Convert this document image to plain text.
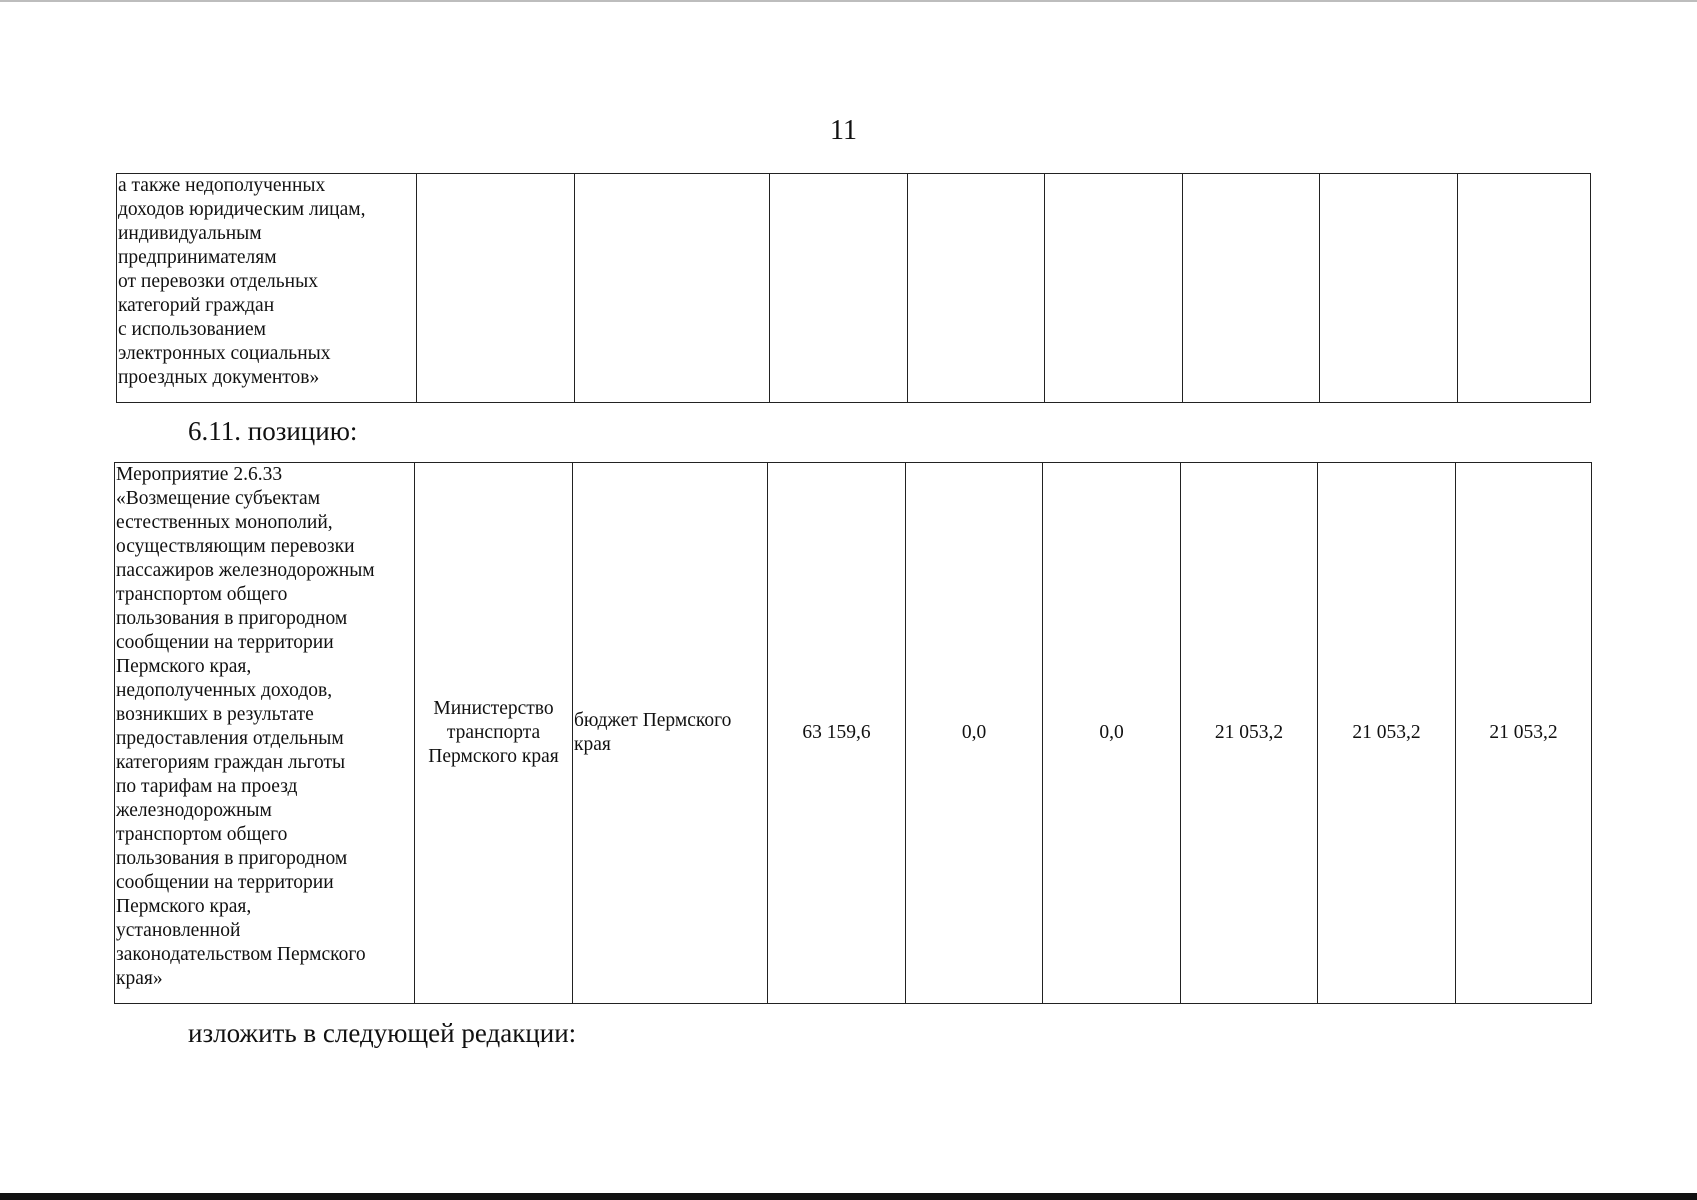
11
а также недополученных
доходов юридическим лицам,
индивидуальным
предпринимателям
от перевозки отдельных
категорий граждан
с использованием
электронных социальных
проездных документов»								
6.11. позицию:
Мероприятие 2.6.33
«Возмещение субъектам
естественных монополий,
осуществляющим перевозки
пассажиров железнодорожным
транспортом общего
пользования в пригородном
сообщении на территории
Пермского края,
недополученных доходов,
возникших в результате
предоставления отдельным
категориям граждан льготы
по тарифам на проезд
железнодорожным
транспортом общего
пользования в пригородном
сообщении на территории
Пермского края,
установленной
законодательством Пермского
края»	Министерство
транспорта
Пермского края	бюджет Пермского
края	63 159,6	0,0	0,0	21 053,2	21 053,2	21 053,2
изложить в следующей редакции:
